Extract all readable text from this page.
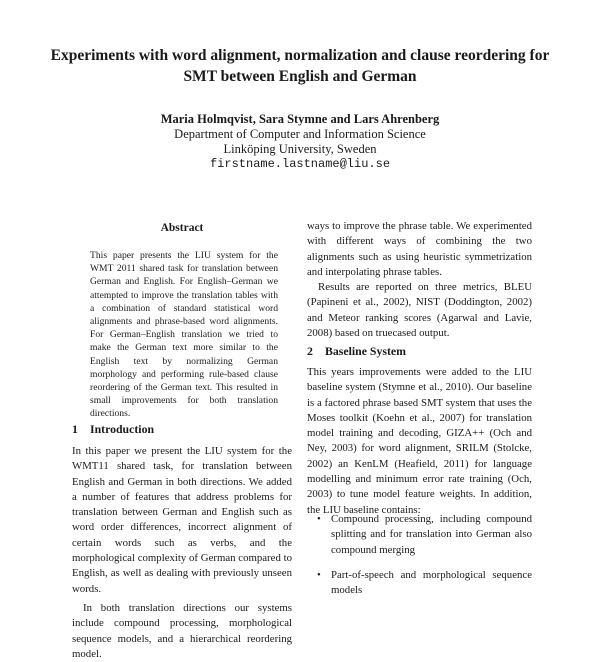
Experiments with word alignment, normalization and clause reordering for
SMT between English and German
Maria Holmqvist, Sara Stymne and Lars Ahrenberg
Department of Computer and Information Science
Linköping University, Sweden
firstname.lastname@liu.se
Abstract
This paper presents the LIU system for the WMT 2011 shared task for translation between German and English. For English–German we attempted to improve the translation tables with a combination of standard statistical word alignments and phrase-based word alignments. For German–English translation we tried to make the German text more similar to the English text by normalizing German morphology and performing rule-based clause reordering of the German text. This resulted in small improvements for both translation directions.
1 Introduction

In this paper we present the LIU system for the WMT11 shared task, for translation between English and German in both directions. We added a number of features that address problems for translation between German and English such as word order differences, incorrect alignment of certain words such as verbs, and the morphological complexity of German compared to English, as well as dealing with previously unseen words.

In both translation directions our systems include compound processing, morphological sequence models, and a hierarchical reordering model.

ways to improve the phrase table. We experimented with different ways of combining the two alignments such as using heuristic symmetrization and interpolating phrase tables.

Results are reported on three metrics, BLEU (Papineni et al., 2002), NIST (Doddington, 2002) and Meteor ranking scores (Agarwal and Lavie, 2008) based on truecased output.

2 Baseline System

This years improvements were added to the LIU baseline system (Stymne et al., 2010). Our baseline is a factored phrase based SMT system that uses the Moses toolkit (Koehn et al., 2007) for translation model training and decoding, GIZA++ (Och and Ney, 2003) for word alignment, SRILM (Stolcke, 2002) an KenLM (Heafield, 2011) for language modelling and minimum error rate training (Och, 2003) to tune model feature weights. In addition, the LIU baseline contains:

• Compound processing, including compound splitting and for translation into German also compound merging
• Part-of-speech and morphological sequence models
